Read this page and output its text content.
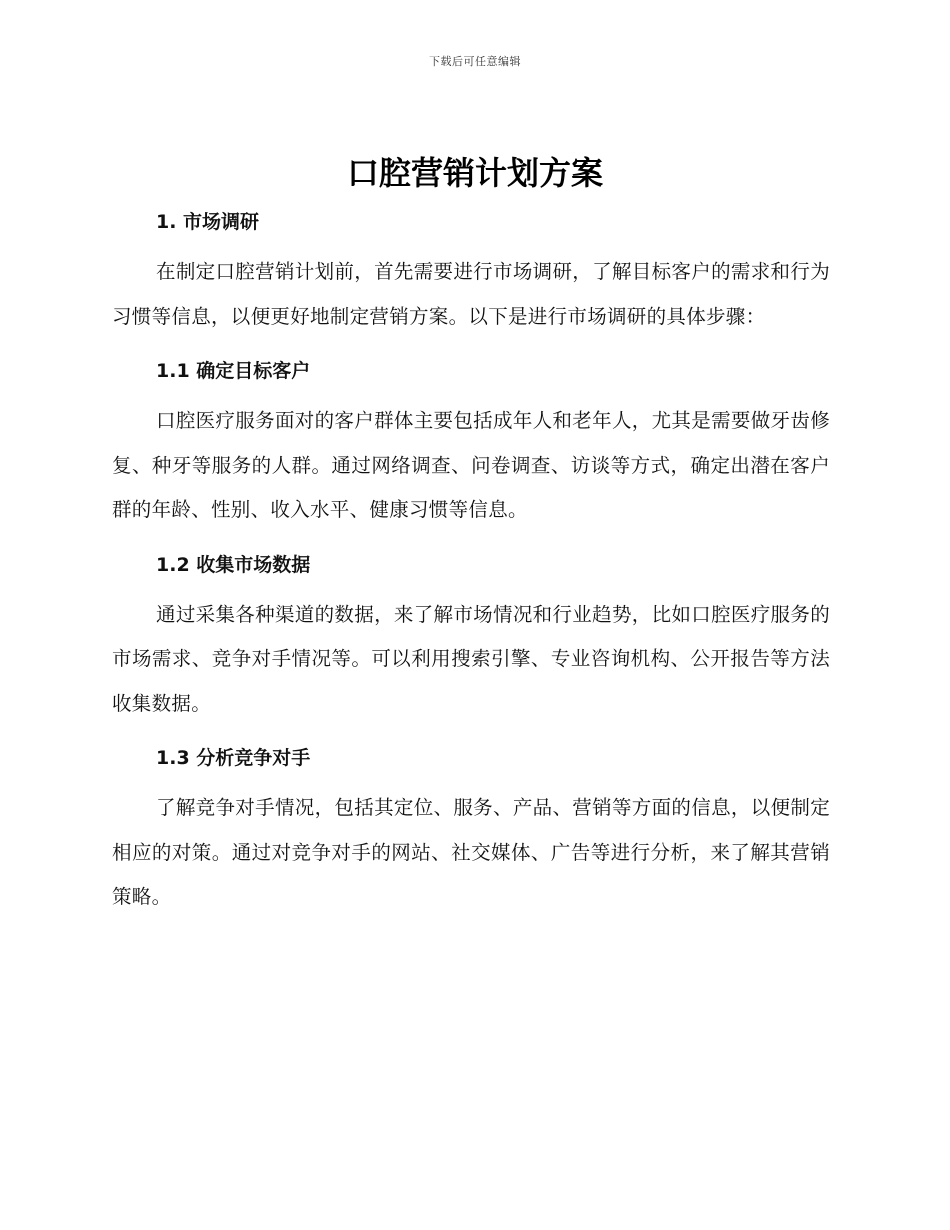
下载后可任意编辑
口腔营销计划方案
1. 市场调研

在制定口腔营销计划前，首先需要进行市场调研，了解目标客户的需求和行为习惯等信息，以便更好地制定营销方案。以下是进行市场调研的具体步骤：

1.1 确定目标客户

口腔医疗服务面对的客户群体主要包括成年人和老年人，尤其是需要做牙齿修复、种牙等服务的人群。通过网络调查、问卷调查、访谈等方式，确定出潜在客户群的年龄、性别、收入水平、健康习惯等信息。

1.2 收集市场数据

通过采集各种渠道的数据，来了解市场情况和行业趋势，比如口腔医疗服务的市场需求、竞争对手情况等。可以利用搜索引擎、专业咨询机构、公开报告等方法收集数据。

1.3 分析竞争对手

了解竞争对手情况，包括其定位、服务、产品、营销等方面的信息，以便制定相应的对策。通过对竞争对手的网站、社交媒体、广告等进行分析，来了解其营销策略。
